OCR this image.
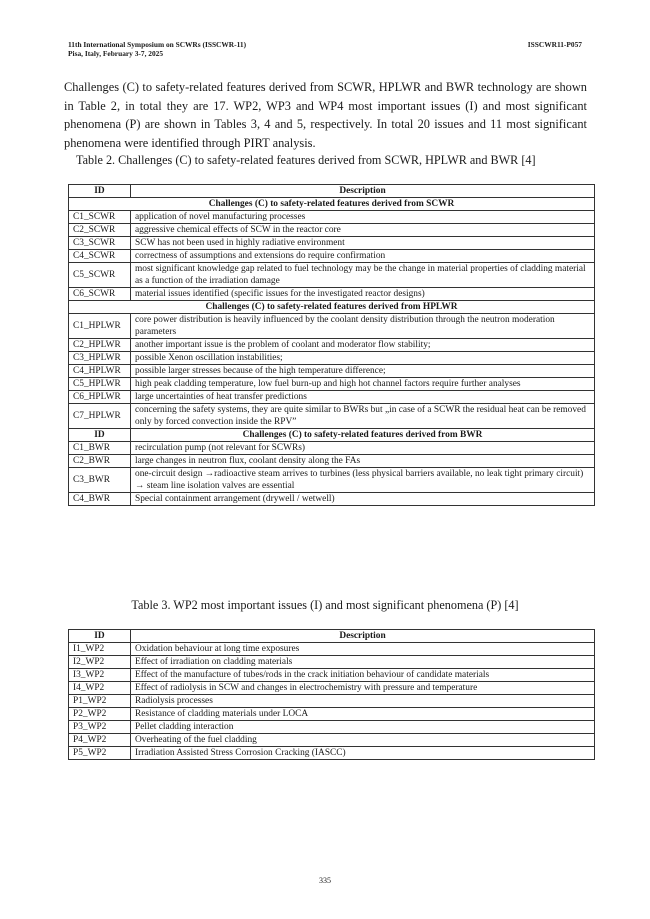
11th International Symposium on SCWRs (ISSCWR-11)
Pisa, Italy, February 3-7, 2025
ISSCWR11-P057

Challenges (C) to safety-related features derived from SCWR, HPLWR and BWR technology are shown in Table 2, in total they are 17. WP2, WP3 and WP4 most important issues (I) and most significant phenomena (P) are shown in Tables 3, 4 and 5, respectively. In total 20 issues and 11 most significant phenomena were identified through PIRT analysis.

Table 2. Challenges (C) to safety-related features derived from SCWR, HPLWR and BWR [4]

ID	Description
Challenges (C) to safety-related features derived from SCWR	
C1_SCWR	application of novel manufacturing processes
C2_SCWR	aggressive chemical effects of SCW in the reactor core
C3_SCWR	SCW has not been used in highly radiative environment
C4_SCWR	correctness of assumptions and extensions do require confirmation
C5_SCWR	most significant knowledge gap related to fuel technology may be the change in material properties of cladding material as a function of the irradiation damage
C6_SCWR	material issues identified (specific issues for the investigated reactor designs)
Challenges (C) to safety-related features derived from HPLWR	
C1_HPLWR	core power distribution is heavily influenced by the coolant density distribution through the neutron moderation parameters
C2_HPLWR	another important issue is the problem of coolant and moderator flow stability;
C3_HPLWR	possible Xenon oscillation instabilities;
C4_HPLWR	possible larger stresses because of the high temperature difference;
C5_HPLWR	high peak cladding temperature, low fuel burn-up and high hot channel factors require further analyses
C6_HPLWR	large uncertainties of heat transfer predictions
C7_HPLWR	concerning the safety systems, they are quite similar to BWRs but „in case of a SCWR the residual heat can be removed only by forced convection inside the RPV”
ID	Challenges (C) to safety-related features derived from BWR
C1_BWR	recirculation pump (not relevant for SCWRs)
C2_BWR	large changes in neutron flux, coolant density along the FAs
C3_BWR	one-circuit design →radioactive steam arrives to turbines (less physical barriers available, no leak tight primary circuit) → steam line isolation valves are essential
C4_BWR	Special containment arrangement (drywell / wetwell)

Table 3. WP2 most important issues (I) and most significant phenomena (P) [4]

ID	Description
I1_WP2	Oxidation behaviour at long time exposures
I2_WP2	Effect of irradiation on cladding materials
I3_WP2	Effect of the manufacture of tubes/rods in the crack initiation behaviour of candidate materials
I4_WP2	Effect of radiolysis in SCW and changes in electrochemistry with pressure and temperature
P1_WP2	Radiolysis processes
P2_WP2	Resistance of cladding materials under LOCA
P3_WP2	Pellet cladding interaction
P4_WP2	Overheating of the fuel cladding
P5_WP2	Irradiation Assisted Stress Corrosion Cracking (IASCC)
335
